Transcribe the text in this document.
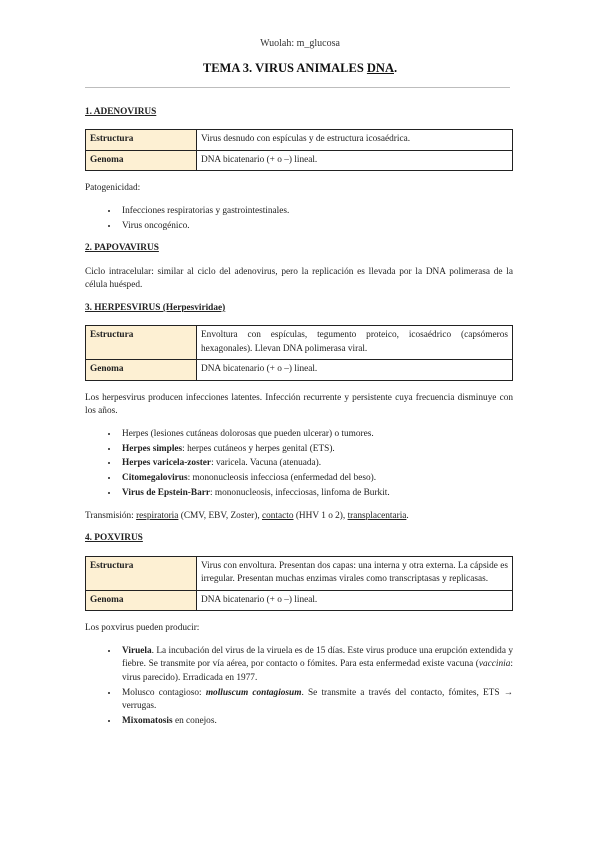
Wuolah: m_glucosa
TEMA 3. VIRUS ANIMALES DNA.
1. ADENOVIRUS
Estructura	Virus desnudo con espículas y de estructura icosaédrica.
Genoma	DNA bicatenario (+ o –) lineal.

Patogenicidad:

• Infecciones respiratorias y gastrointestinales.
• Virus oncogénico.
2. PAPOVAVIRUS

Ciclo intracelular: similar al ciclo del adenovirus, pero la replicación es llevada por la DNA polimerasa de la célula huésped.

3. HERPESVIRUS (Herpesviridae)
Estructura	Envoltura con espículas, tegumento proteico, icosaédrico (capsómeros hexagonales). Llevan DNA polimerasa viral.
Genoma	DNA bicatenario (+ o –) lineal.

Los herpesvirus producen infecciones latentes. Infección recurrente y persistente cuya frecuencia disminuye con los años.

• Herpes (lesiones cutáneas dolorosas que pueden ulcerar) o tumores.
• Herpes simples: herpes cutáneos y herpes genital (ETS).
• Herpes varicela-zoster: varicela. Vacuna (atenuada).
• Citomegalovirus: mononucleosis infecciosa (enfermedad del beso).
• Virus de Epstein-Barr: mononucleosis, infecciosas, linfoma de Burkit.

Transmisión: respiratoria (CMV, EBV, Zoster), contacto (HHV 1 o 2), transplacentaria.

4. POXVIRUS
Estructura	Virus con envoltura. Presentan dos capas: una interna y otra externa. La cápside es irregular. Presentan muchas enzimas virales como transcriptasas y replicasas.
Genoma	DNA bicatenario (+ o –) lineal.

Los poxvirus pueden producir:

• Viruela. La incubación del virus de la viruela es de 15 días. Este virus produce una erupción extendida y fiebre. Se transmite por vía aérea, por contacto o fómites. Para esta enfermedad existe vacuna (vaccinia: virus parecido). Erradicada en 1977.
• Molusco contagioso: molluscum contagiosum. Se transmite a través del contacto, fómites, ETS → verrugas.
• Mixomatosis en conejos.
